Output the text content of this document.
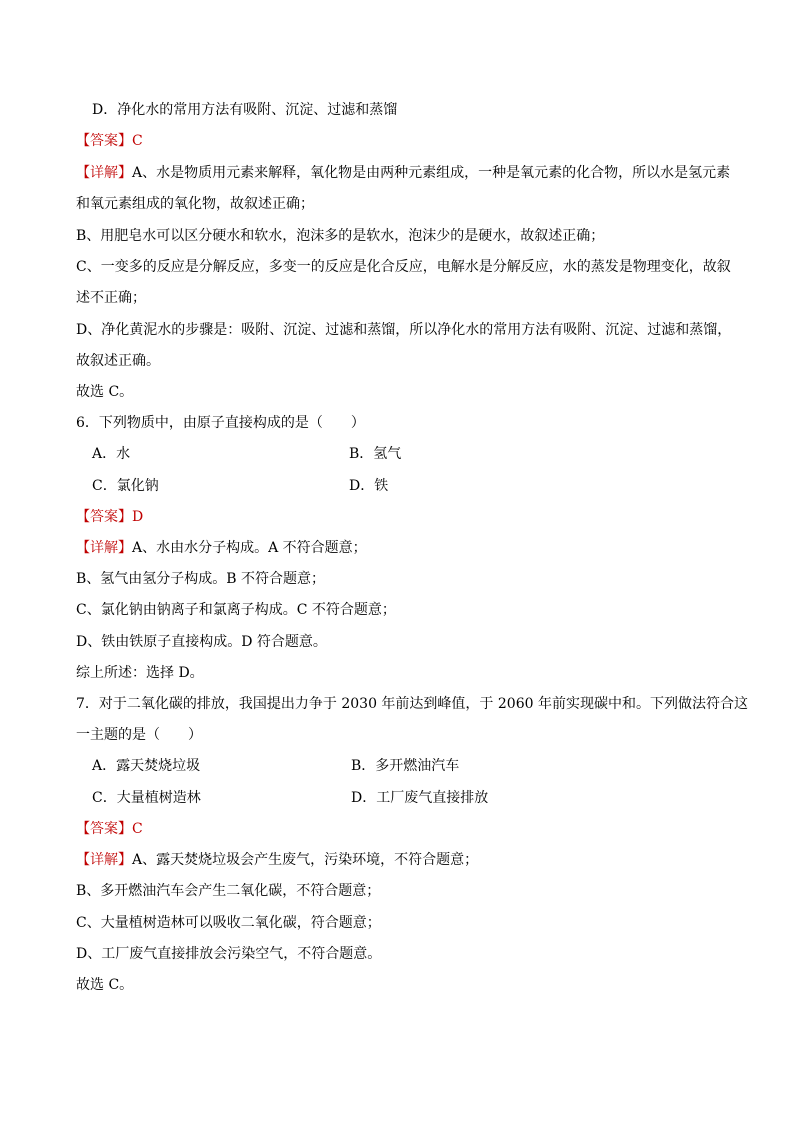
D．净化水的常用方法有吸附、沉淀、过滤和蒸馏
【答案】C
【详解】A、水是物质用元素来解释，氧化物是由两种元素组成，一种是氧元素的化合物，所以水是氢元素
和氧元素组成的氧化物，故叙述正确；
B、用肥皂水可以区分硬水和软水，泡沫多的是软水，泡沫少的是硬水，故叙述正确；
C、一变多的反应是分解反应，多变一的反应是化合反应，电解水是分解反应，水的蒸发是物理变化，故叙
述不正确；
D、净化黄泥水的步骤是：吸附、沉淀、过滤和蒸馏，所以净化水的常用方法有吸附、沉淀、过滤和蒸馏，
故叙述正确。
故选 C。
6．下列物质中，由原子直接构成的是（　　）
A．水	B．氢气
C．氯化钠	D．铁
【答案】D
【详解】A、水由水分子构成。A 不符合题意；
B、氢气由氢分子构成。B 不符合题意；
C、氯化钠由钠离子和氯离子构成。C 不符合题意；
D、铁由铁原子直接构成。D 符合题意。
综上所述：选择 D。
7．对于二氧化碳的排放，我国提出力争于 2030 年前达到峰值，于 2060 年前实现碳中和。下列做法符合这
一主题的是（　　）
A．露天焚烧垃圾	B．多开燃油汽车
C．大量植树造林	D．工厂废气直接排放
【答案】C
【详解】A、露天焚烧垃圾会产生废气，污染环境，不符合题意；
B、多开燃油汽车会产生二氧化碳，不符合题意；
C、大量植树造林可以吸收二氧化碳，符合题意；
D、工厂废气直接排放会污染空气，不符合题意。
故选 C。
